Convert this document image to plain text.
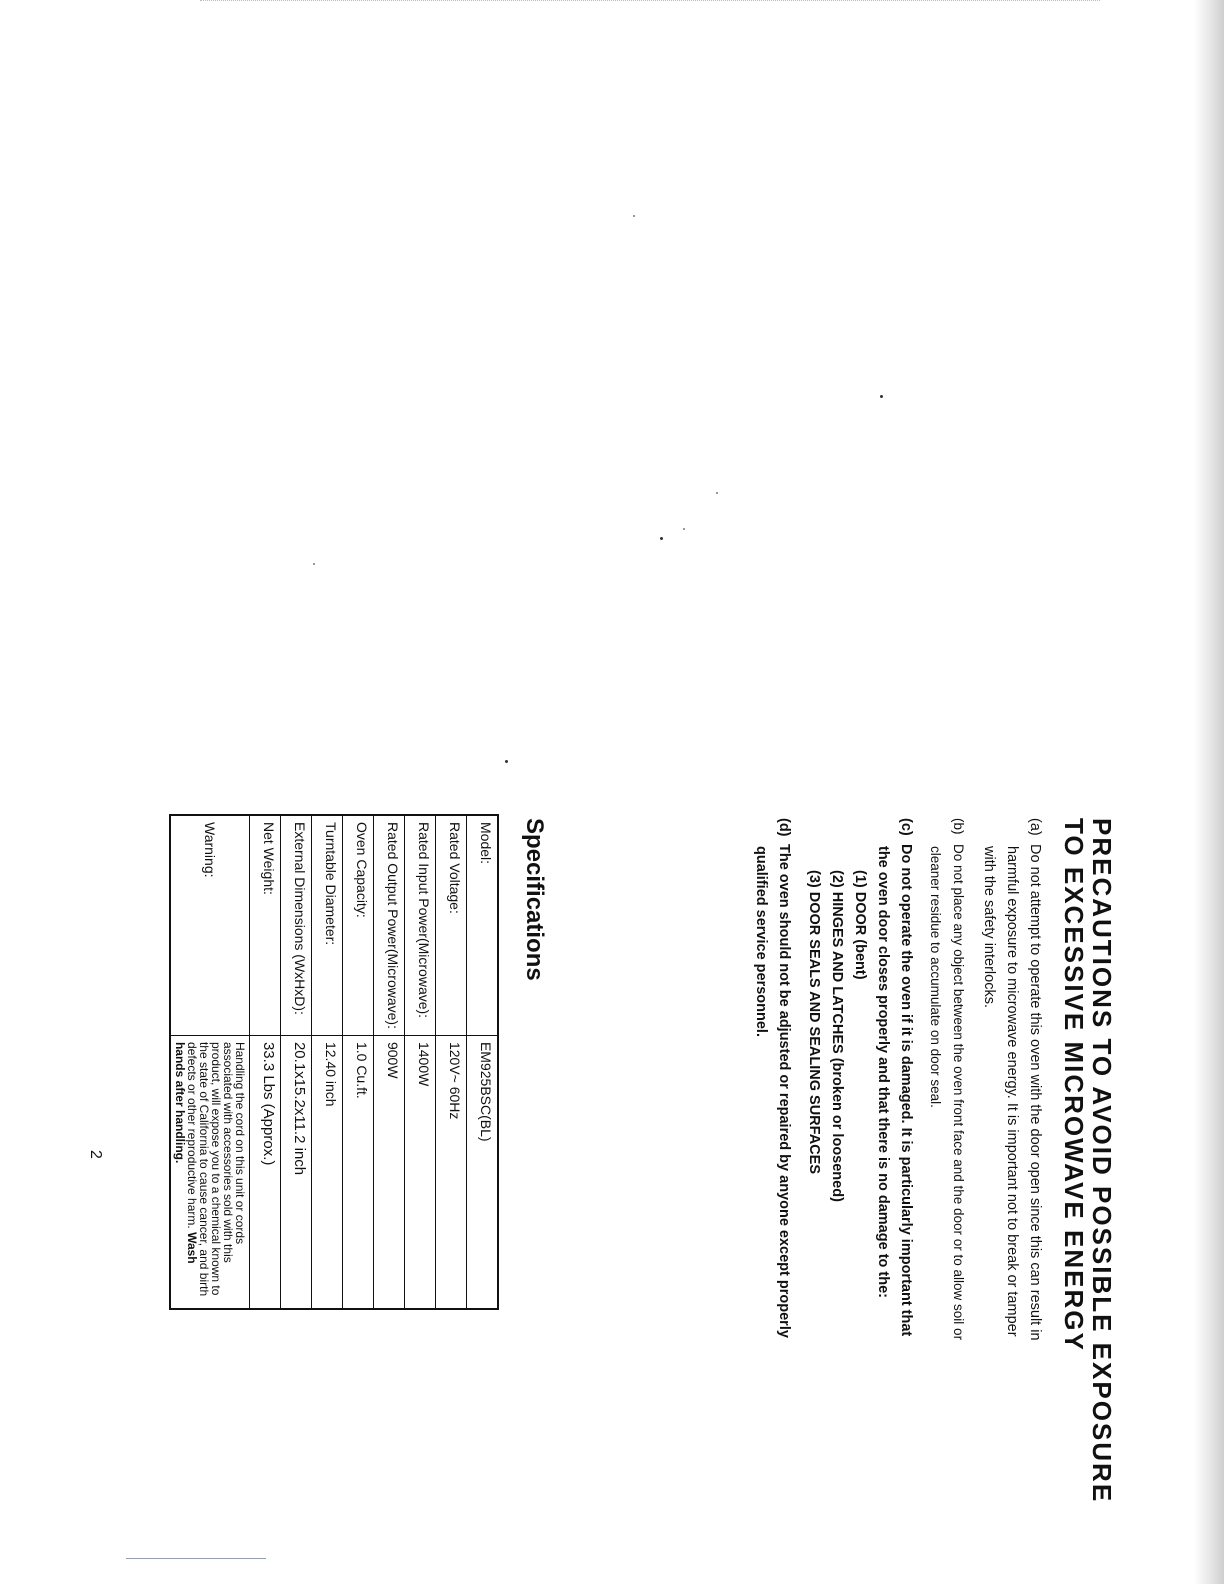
PRECAUTIONS TO AVOID POSSIBLE EXPOSURE
TO EXCESSIVE MICROWAVE ENERGY
(a)Do not attempt to operate this oven with the door open since this can result in
harmful exposure to microwave energy. It is important not to break or tamper
with the safety interlocks.
(b)Do not place any object between the oven front face and the door or to allow soil or
cleaner residue to accumulate on door seal.
(c)Do not operate the oven if it is damaged. It is particularly important that
the oven door closes properly and that there is no damage to the:
(1) DOOR (bent)
(2) HINGES AND LATCHES (broken or loosened)
(3) DOOR SEALS AND SEALING SURFACES
(d)The oven should not be adjusted or repaired by anyone except properly
qualified service personnel.
Specifications
Model:	EM925BSC(BL)
Rated Voltage:	120V~ 60Hz
Rated Input Power(Microwave):	1400W
Rated Output Power(Microwave):	900W
Oven Capacity:	1.0 Cu.ft.
Turntable Diameter:	12.40 inch
External Dimensions (WxHxD):	20.1x15.2x11.2 inch
Net Weight:	33.3 Lbs (Approx.)
Warning:	Handling the cord on this unit or cords associated with accessories sold with this product, will expose you to a chemical known to the state of California to cause cancer, and birth defects or other reproductive harm. Wash hands after handling.
2
